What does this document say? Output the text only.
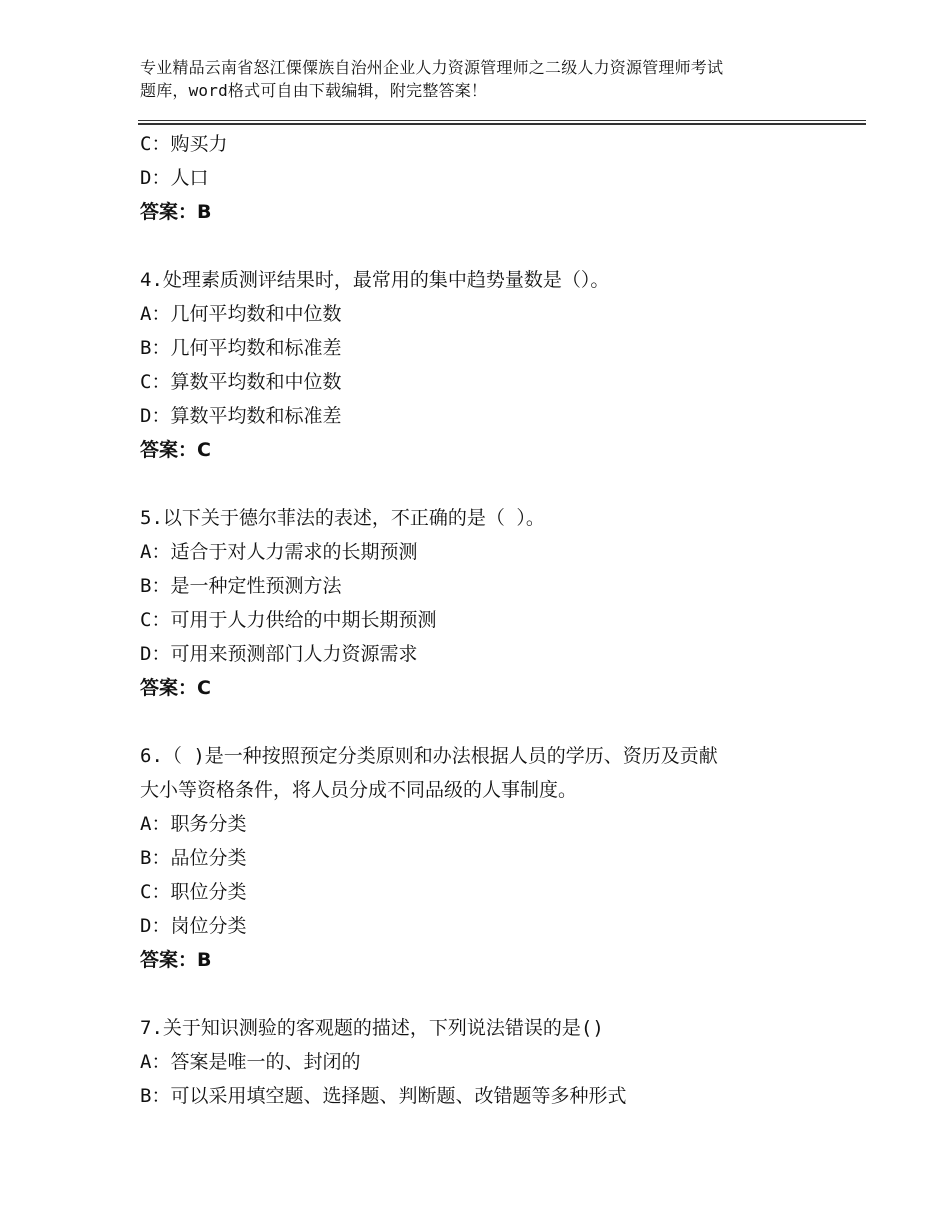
专业精品云南省怒江傈僳族自治州企业人力资源管理师之二级人力资源管理师考试
题库，word格式可自由下载编辑，附完整答案！
C：购买力
D：人口
答案：B
4.处理素质测评结果时，最常用的集中趋势量数是（）。
A：几何平均数和中位数
B：几何平均数和标准差
C：算数平均数和中位数
D：算数平均数和标准差
答案：C
5.以下关于德尔菲法的表述，不正确的是（ ）。
A：适合于对人力需求的长期预测
B：是一种定性预测方法
C：可用于人力供给的中期长期预测
D：可用来预测部门人力资源需求
答案：C
6.（ )是一种按照预定分类原则和办法根据人员的学历、资历及贡献
大小等资格条件，将人员分成不同品级的人事制度。
A：职务分类
B：品位分类
C：职位分类
D：岗位分类
答案：B
7.关于知识测验的客观题的描述，下列说法错误的是()
A：答案是唯一的、封闭的
B：可以采用填空题、选择题、判断题、改错题等多种形式
